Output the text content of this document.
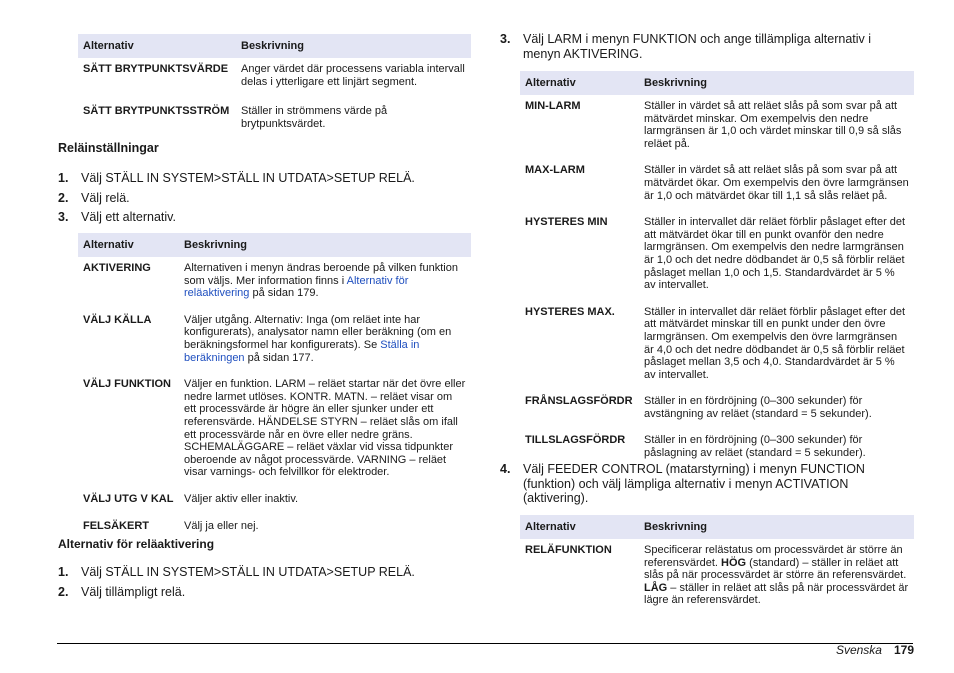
Alternativ	Beskrivning
SÄTT BRYTPUNKTSVÄRDE	Anger värdet där processens variabla intervall delas i ytterligare ett linjärt segment.
SÄTT BRYTPUNKTSSTRÖM	Ställer in strömmens värde på brytpunktsvärdet.
Reläinställningar
1. Välj STÄLL IN SYSTEM>STÄLL IN UTDATA>SETUP RELÄ.
2. Välj relä.
3. Välj ett alternativ.
Alternativ	Beskrivning
AKTIVERING	Alternativen i menyn ändras beroende på vilken funktion som väljs. Mer information finns i Alternativ för reläaktivering på sidan 179.
VÄLJ KÄLLA	Väljer utgång. Alternativ: Inga (om reläet inte har konfigurerats), analysator namn eller beräkning (om en beräkningsformel har konfigurerats). Se Ställa in beräkningen på sidan 177.
VÄLJ FUNKTION	Väljer en funktion. LARM – reläet startar när det övre eller nedre larmet utlöses. KONTR. MATN. – reläet visar om ett processvärde är högre än eller sjunker under ett referensvärde. HÄNDELSE STYRN – reläet slås om ifall ett processvärde når en övre eller nedre gräns. SCHEMALÄGGARE – reläet växlar vid vissa tidpunkter oberoende av något processvärde. VARNING – reläet visar varnings- och felvillkor för elektroder.
VÄLJ UTG V KAL	Väljer aktiv eller inaktiv.
FELSÄKERT	Välj ja eller nej.
Alternativ för reläaktivering
1. Välj STÄLL IN SYSTEM>STÄLL IN UTDATA>SETUP RELÄ.
2. Välj tillämpligt relä.
3. Välj LARM i menyn FUNKTION och ange tillämpliga alternativ i menyn AKTIVERING.
Alternativ	Beskrivning
MIN-LARM	Ställer in värdet så att reläet slås på som svar på att mätvärdet minskar. Om exempelvis den nedre larmgränsen är 1,0 och värdet minskar till 0,9 så slås reläet på.
MAX-LARM	Ställer in värdet så att reläet slås på som svar på att mätvärdet ökar. Om exempelvis den övre larmgränsen är 1,0 och mätvärdet ökar till 1,1 så slås reläet på.
HYSTERES MIN	Ställer in intervallet där reläet förblir påslaget efter det att mätvärdet ökar till en punkt ovanför den nedre larmgränsen. Om exempelvis den nedre larmgränsen är 1,0 och det nedre dödbandet är 0,5 så förblir reläet påslaget mellan 1,0 och 1,5. Standardvärdet är 5 % av intervallet.
HYSTERES MAX.	Ställer in intervallet där reläet förblir påslaget efter det att mätvärdet minskar till en punkt under den övre larmgränsen. Om exempelvis den övre larmgränsen är 4,0 och det nedre dödbandet är 0,5 så förblir reläet påslaget mellan 3,5 och 4,0. Standardvärdet är 5 % av intervallet.
FRÅNSLAGSFÖRDR	Ställer in en fördröjning (0–300 sekunder) för avstängning av reläet (standard = 5 sekunder).
TILLSLAGSFÖRDR	Ställer in en fördröjning (0–300 sekunder) för påslagning av reläet (standard = 5 sekunder).
4. Välj FEEDER CONTROL (matarstyrning) i menyn FUNCTION (funktion) och välj lämpliga alternativ i menyn ACTIVATION (aktivering).
Alternativ	Beskrivning
RELÄFUNKTION	Specificerar relästatus om processvärdet är större än referensvärdet. HÖG (standard) – ställer in reläet att slås på när processvärdet är större än referensvärdet. LÅG – ställer in reläet att slås på när processvärdet är lägre än referensvärdet.
Svenska 179
